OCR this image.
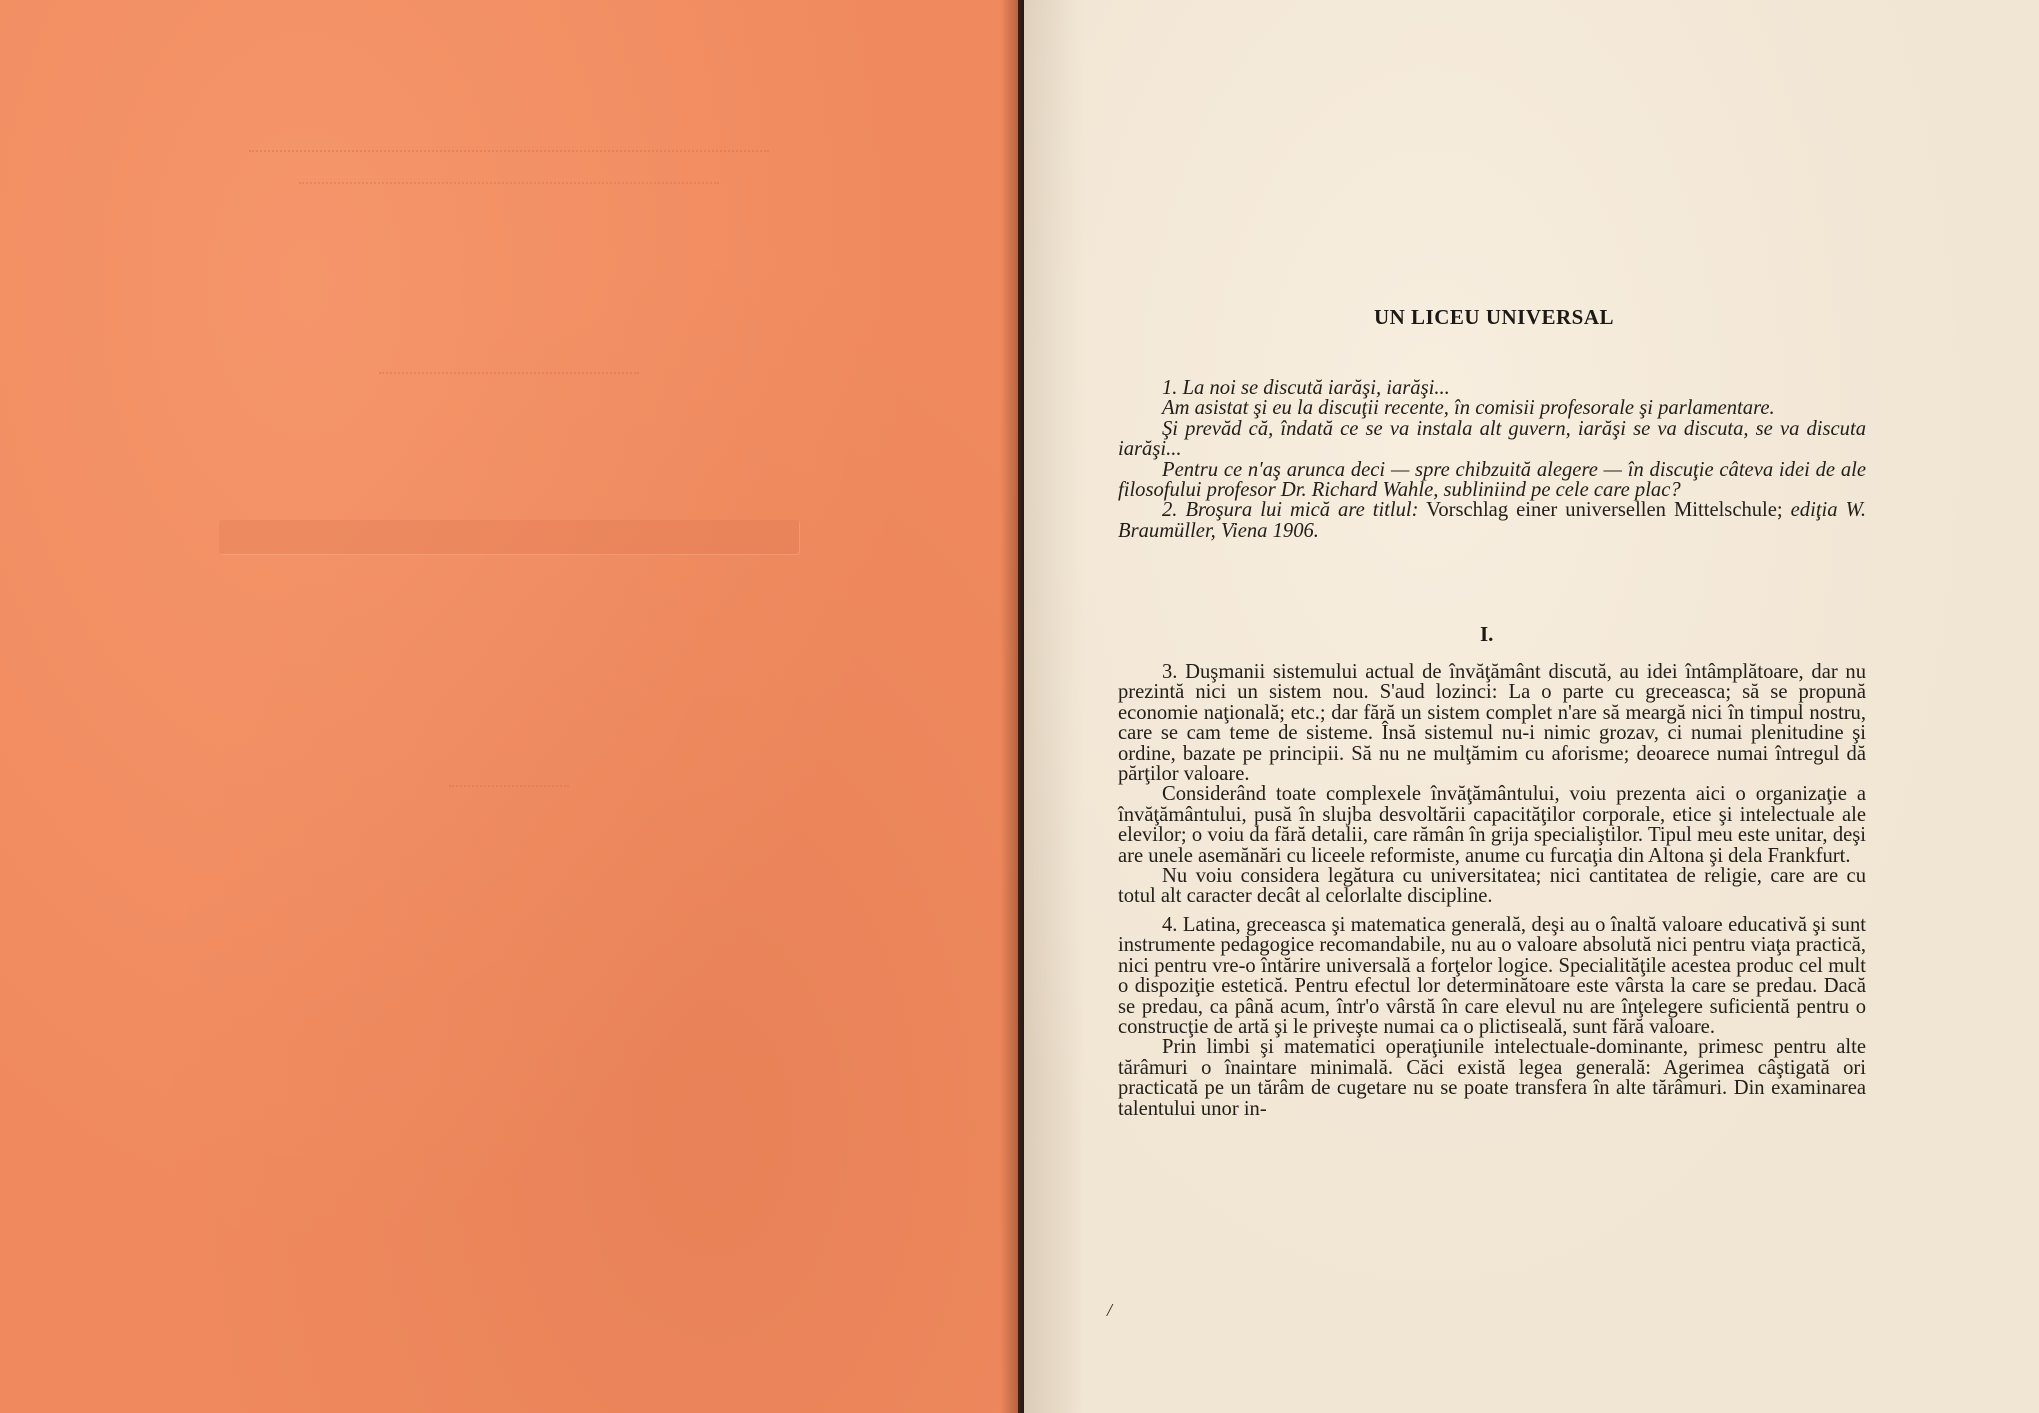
UN LICEU UNIVERSAL

1. La noi se discută iarăşi, iarăşi...

Am asistat şi eu la discuţii recente, în comisii profesorale şi parlamentare.

Şi prevăd că, îndată ce se va instala alt guvern, iarăşi se va discuta, se va discuta iarăşi...

Pentru ce n'aş arunca deci — spre chibzuită alegere — în discuţie câteva idei de ale filosofului profesor Dr. Richard Wahle, subliniind pe cele care plac?

2. Broşura lui mică are titlul: Vorschlag einer universellen Mittelschule; ediţia W. Braumüller, Viena 1906.

I.

3. Duşmanii sistemului actual de învăţământ discută, au idei întâmplătoare, dar nu prezintă nici un sistem nou. S'aud lozinci: La o parte cu greceasca; să se propună economie naţională; etc.; dar fără un sistem complet n'are să meargă nici în timpul nostru, care se cam teme de sisteme. Însă sistemul nu-i nimic grozav, ci numai plenitudine şi ordine, bazate pe principii. Să nu ne mulţămim cu aforisme; deoarece numai întregul dă părţilor valoare.

Considerând toate complexele învăţământului, voiu prezenta aici o organizaţie a învăţământului, pusă în slujba desvoltării capacităţilor corporale, etice şi intelectuale ale elevilor; o voiu da fără detalii, care rămân în grija specialiştilor. Tipul meu este unitar, deşi are unele asemănări cu liceele reformiste, anume cu furcaţia din Altona şi dela Frankfurt.

Nu voiu considera legătura cu universitatea; nici cantitatea de religie, care are cu totul alt caracter decât al celorlalte discipline.

4. Latina, greceasca şi matematica generală, deşi au o înaltă valoare educativă şi sunt instrumente pedagogice recomandabile, nu au o valoare absolută nici pentru viaţa practică, nici pentru vre-o întărire universală a forţelor logice. Specialităţile acestea produc cel mult o dispoziţie estetică. Pentru efectul lor determinătoare este vârsta la care se predau. Dacă se predau, ca până acum, într'o vârstă în care elevul nu are înţelegere suficientă pentru o construcţie de artă şi le priveşte numai ca o plictiseală, sunt fără valoare.

Prin limbi şi matematici operaţiunile intelectuale-dominante, primesc pentru alte tărâmuri o înaintare minimală. Căci există legea generală: Agerimea câştigată ori practicată pe un tărâm de cugetare nu se poate transfera în alte tărâmuri. Din examinarea talentului unor in-

/
